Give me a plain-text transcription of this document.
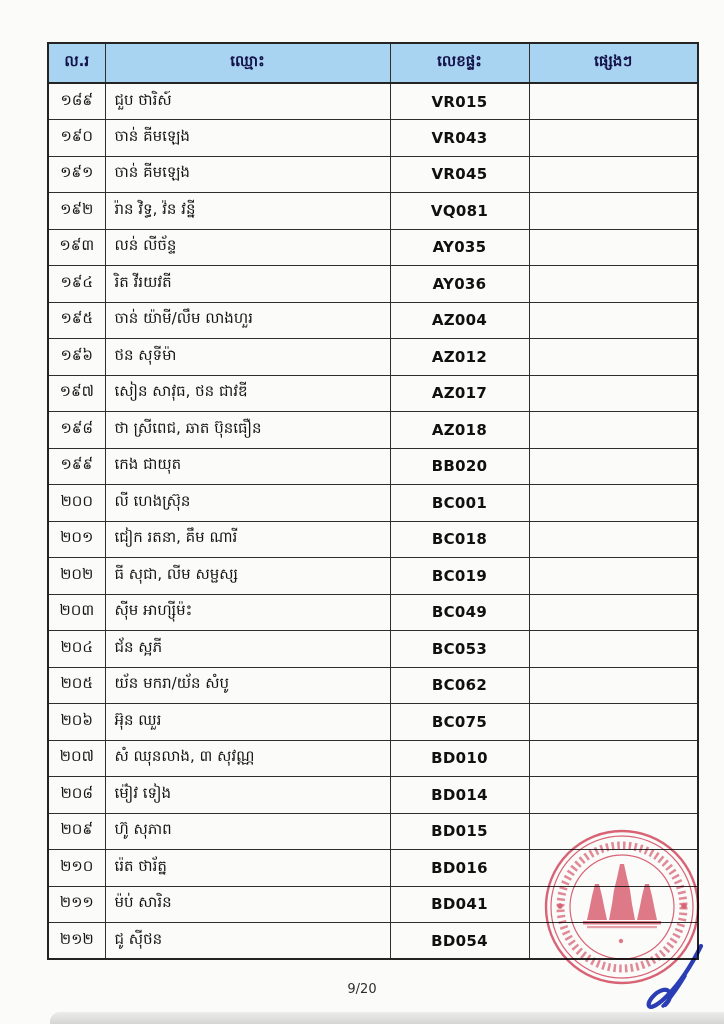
ល.រ	ឈ្មោះ	លេខផ្ទះ	ផ្សេងៗ
១៨៩	ជួប ថារិស៍	VR015	
១៩០	ចាន់ គីមឡេង	VR043	
១៩១	ចាន់ គីមឡេង	VR045	
១៩២	រ៉ាន វិទ្ធ, វ៉ន វន្នី	VQ081	
១៩៣	លន់ លីច័ន្ទ	AY035	
១៩៤	រិត វីរយវតី	AY036	
១៩៥	ចាន់ យ៉ាមី/លឹម លាងហួរ	AZ004	
១៩៦	ថន សុទីម៉ា	AZ012	
១៩៧	សៀន សាវុធ, ថន ជាវឌី	AZ017	
១៩៨	ថា ស្រីពេជ, ឆាត ប៊ុនធឿន	AZ018	
១៩៩	កេង ជាយុត	BB020	
២០០	លី ហេងស្រ៊ុន	BC001	
២០១	ជៀក រតនា, គឹម ណារី	BC018	
២០២	ធី សុជា, លីម សម្ផស្ស	BC019	
២០៣	ស៊ីម អាហ្ស៊ីម៉ះ	BC049	
២០៤	ជ័ន ស្អភី	BC053	
២០៥	យ័ន មករា/យ័ន សំបូ	BC062	
២០៦	អ៊ុន ឈួរ	BC075	
២០៧	សំ ឈុនលាង, ៣ សុវណ្ណ	BD010	
២០៨	ម៉ៀវ ទៀង	BD014	
២០៩	ហ៊ូ សុភាព	BD015	
២១០	រ៉េត ថារ័ត្ន	BD016	
២១១	ម៉ប់ សារិន	BD041	
២១២	ជូ ស៊ីថន	BD054	
9/20
